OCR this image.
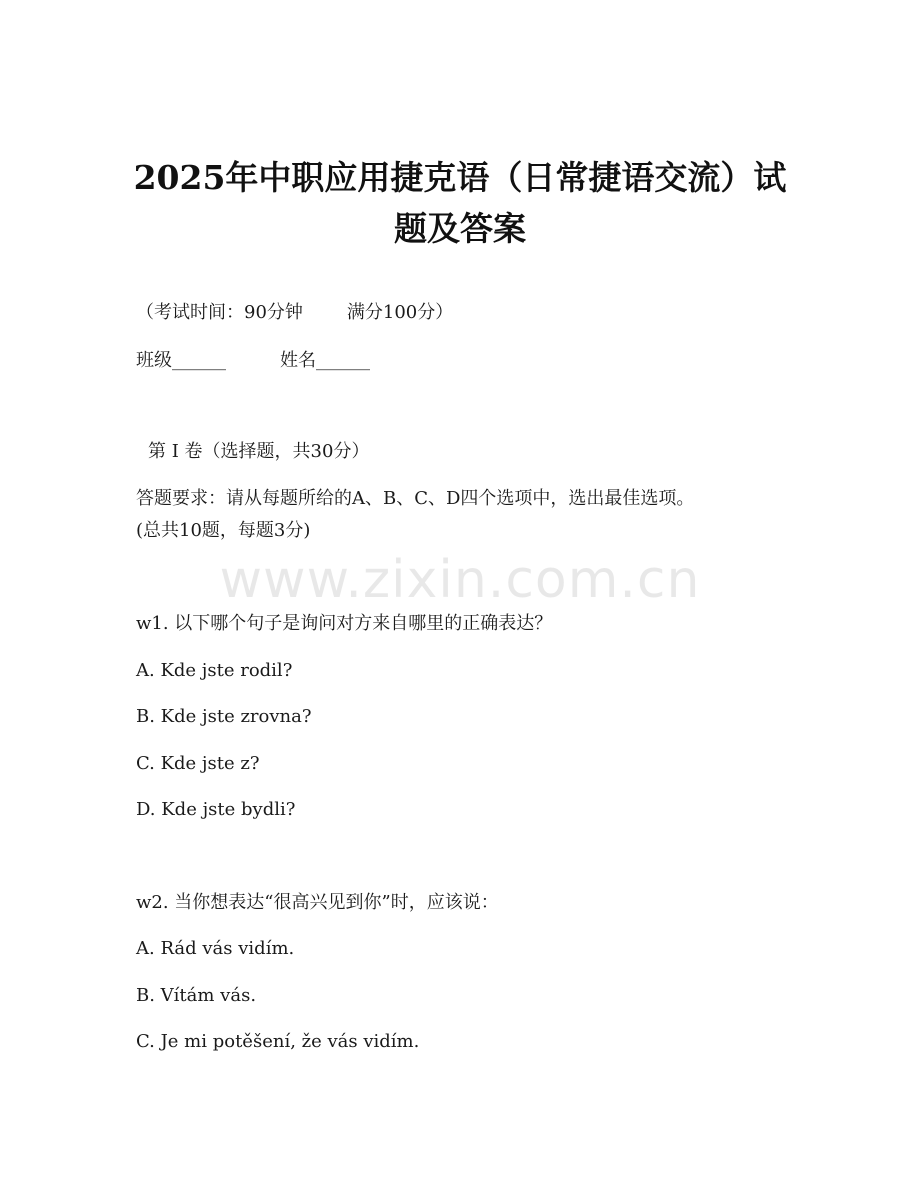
2025年中职应用捷克语（日常捷语交流）试
题及答案
（考试时间：90分钟 满分100分）
班级______	姓名______
第 I 卷（选择题，共30分）
答题要求：请从每题所给的A、B、C、D四个选项中，选出最佳选项。
(总共10题，每题3分)
www.zixin.com.cn
w1. 以下哪个句子是询问对方来自哪里的正确表达？
A. Kde jste rodil?
B. Kde jste zrovna?
C. Kde jste z?
D. Kde jste bydli?
w2. 当你想表达“很高兴见到你”时，应该说：
A. Rád vás vidím.
B. Vítám vás.
C. Je mi potěšení, že vás vidím.
